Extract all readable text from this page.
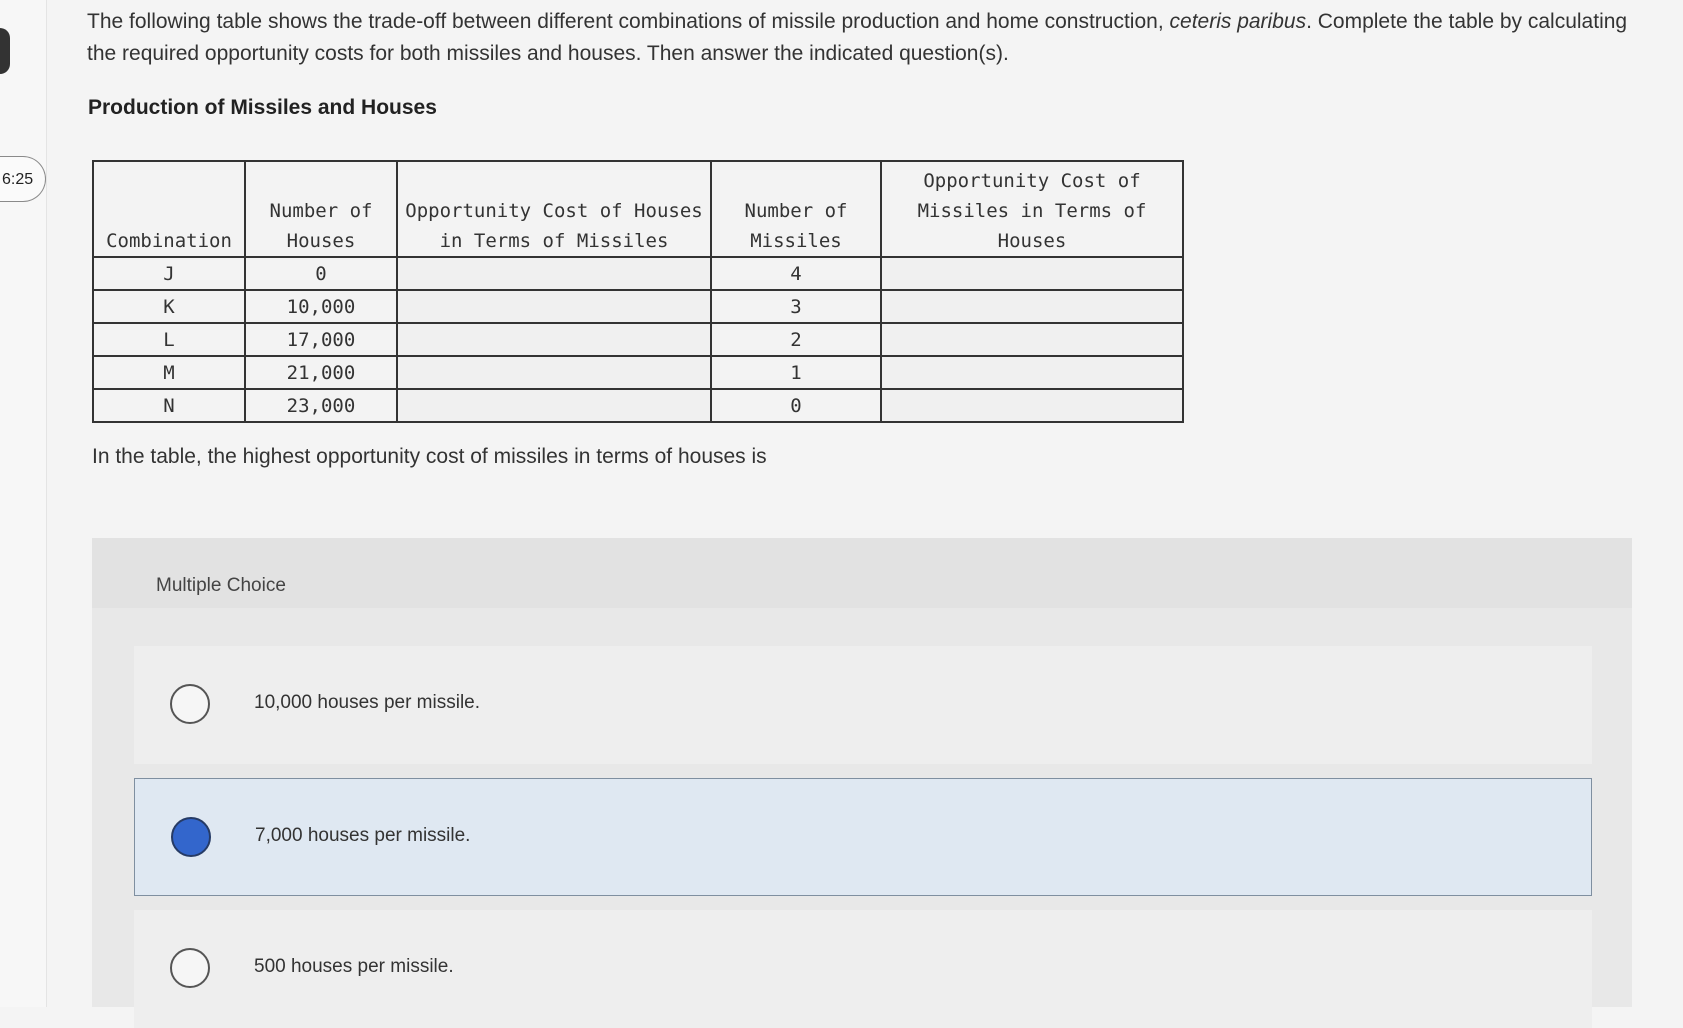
6:25
The following table shows the trade-off between different combinations of missile production and home construction, ceteris paribus. Complete the table by calculating the required opportunity costs for both missiles and houses. Then answer the indicated question(s).
Production of Missiles and Houses
Combination	Number of Houses	Opportunity Cost of Houses in Terms of Missiles	Number of Missiles	Opportunity Cost of Missiles in Terms of Houses
J	0		4	
K	10,000		3	
L	17,000		2	
M	21,000		1	
N	23,000		0	
In the table, the highest opportunity cost of missiles in terms of houses is
Multiple Choice
10,000 houses per missile.
7,000 houses per missile.
500 houses per missile.
